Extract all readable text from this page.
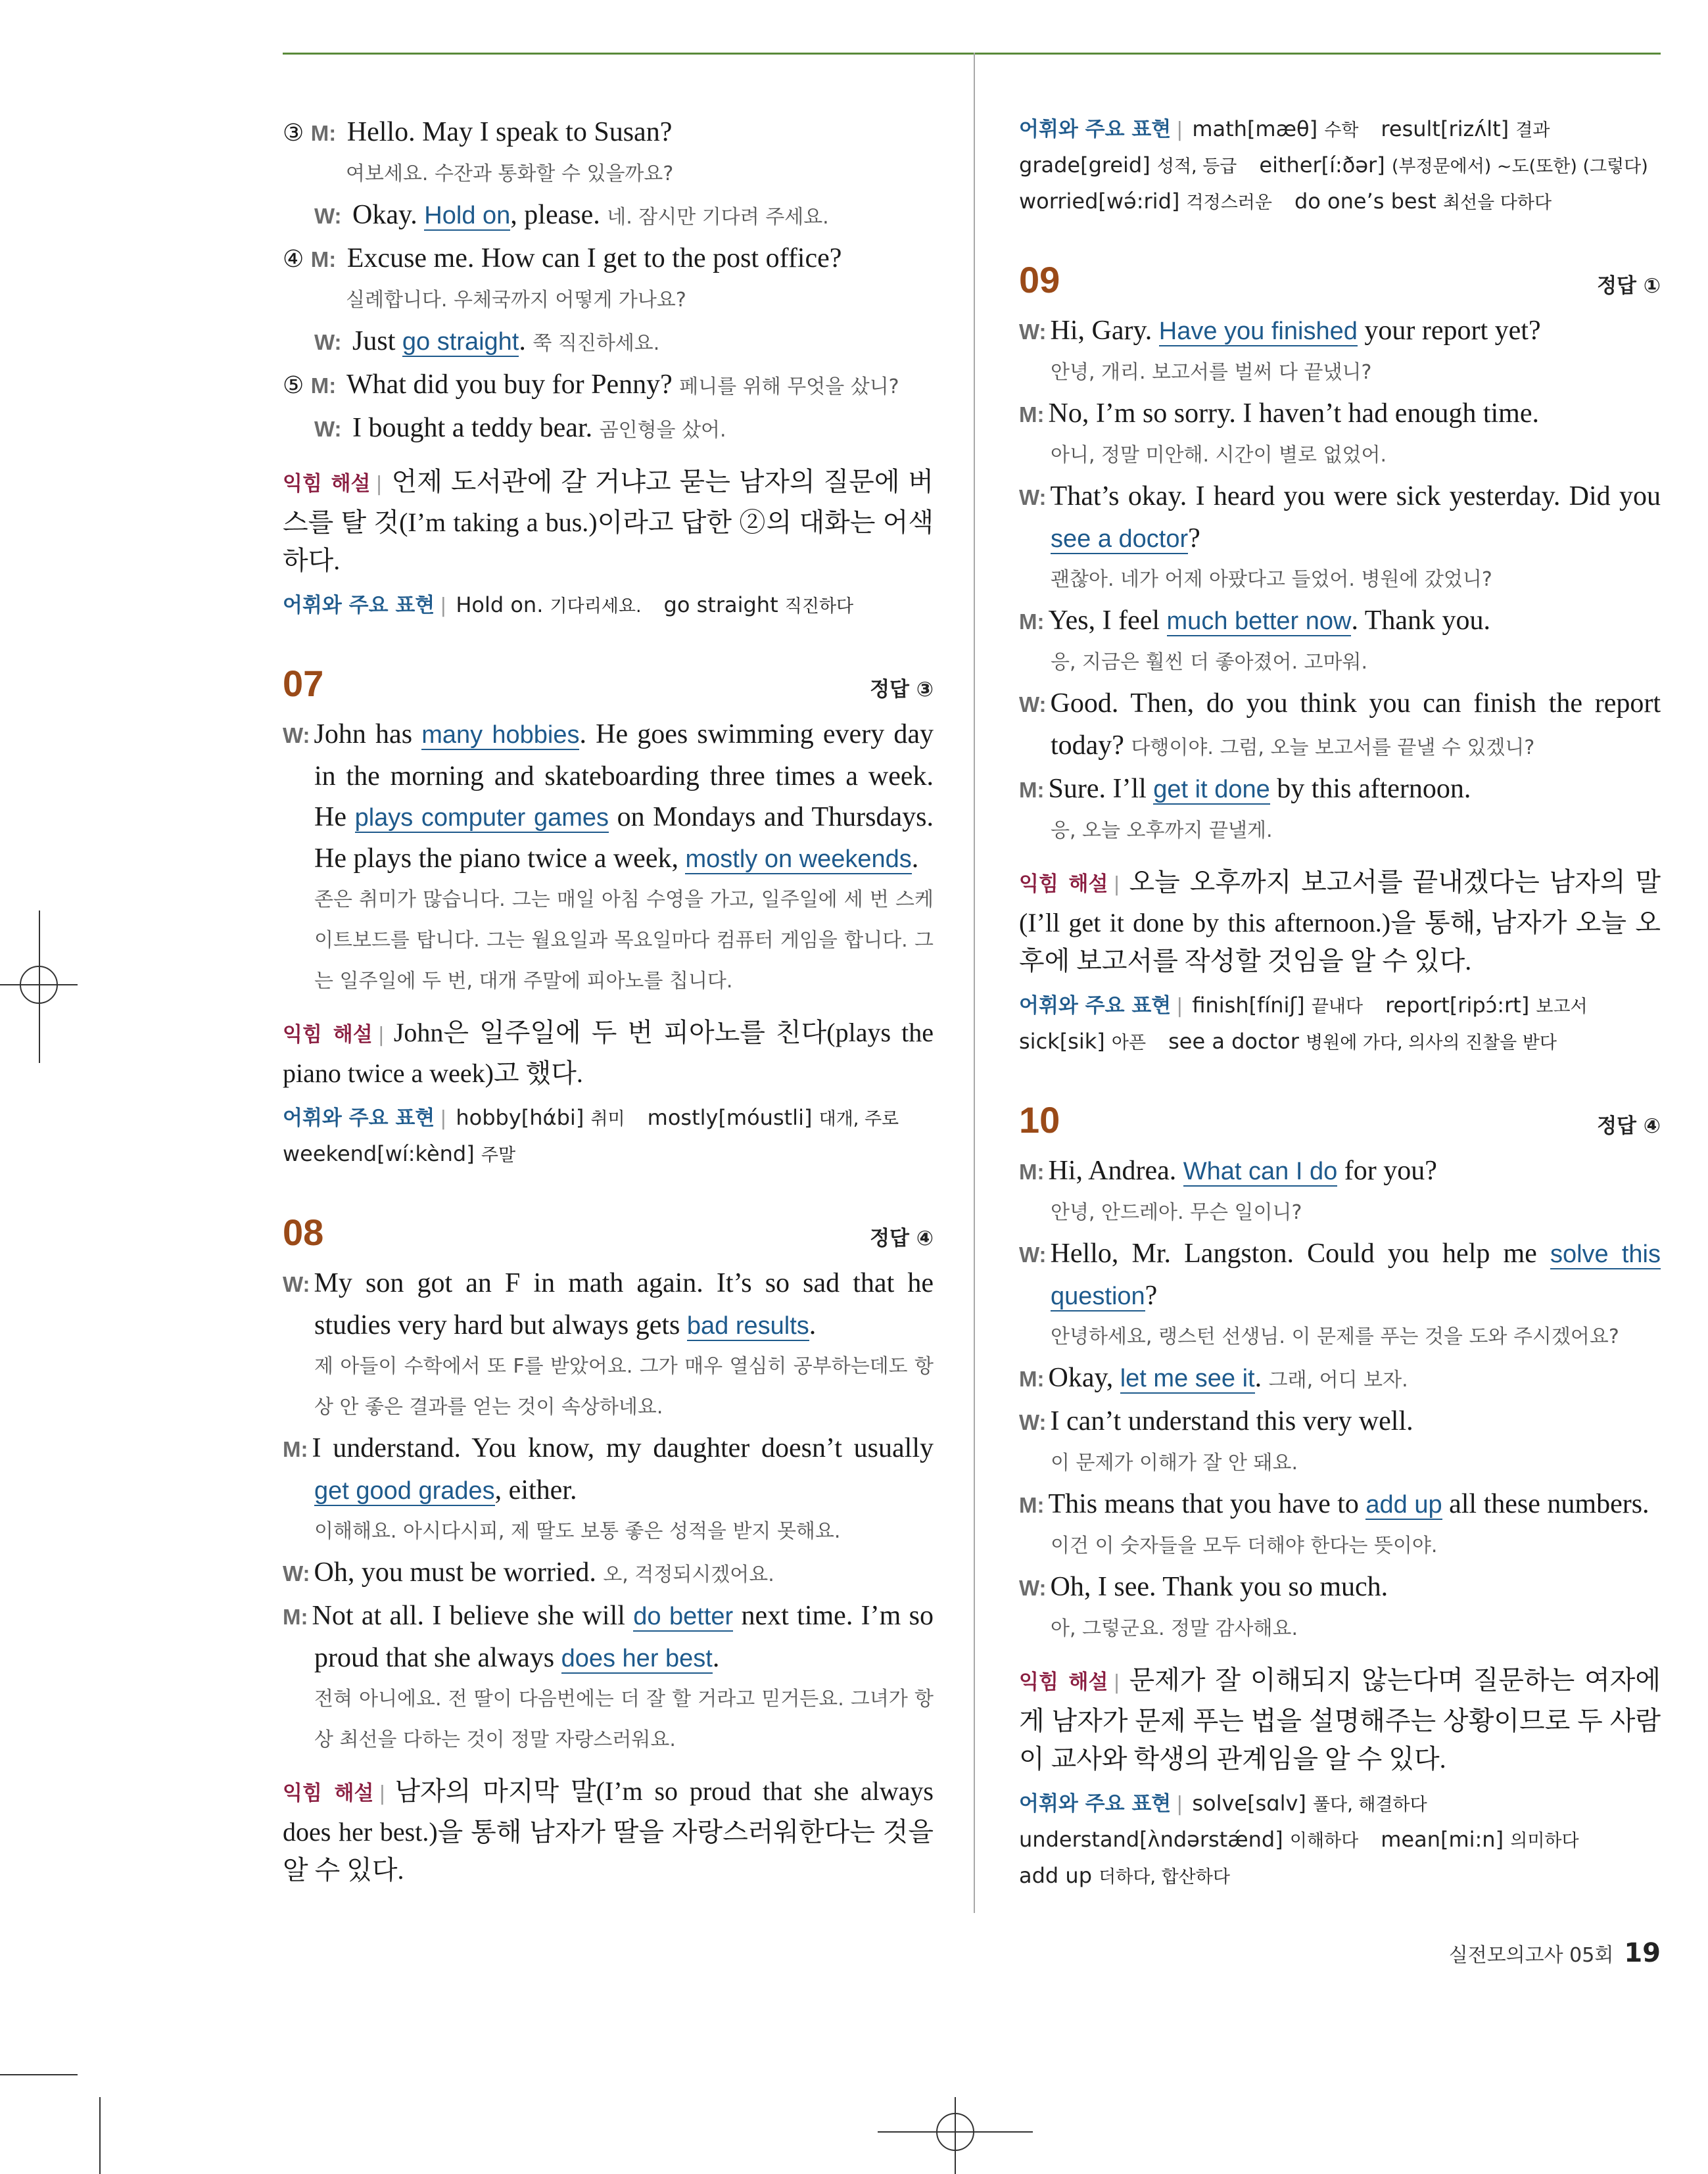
③ M: Hello. May I speak to Susan?
여보세요. 수잔과 통화할 수 있을까요?
W: Okay. Hold on, please. 네. 잠시만 기다려 주세요.
④ M: Excuse me. How can I get to the post office?
실례합니다. 우체국까지 어떻게 가나요?
W: Just go straight. 쭉 직진하세요.
⑤ M: What did you buy for Penny? 페니를 위해 무엇을 샀니?
W: I bought a teddy bear. 곰인형을 샀어.
익힘 해설 | 언제 도서관에 갈 거냐고 묻는 남자의 질문에 버스를 탈 것(I’m taking a bus.)이라고 답한 ②의 대화는 어색하다.
어휘와 주요 표현 | Hold on. 기다리세요. go straight 직진하다
07	정답 ③
W: John has many hobbies. He goes swimming every day in the morning and skateboarding three times a week. He plays computer games on Mondays and Thursdays. He plays the piano twice a week, mostly on weekends.
존은 취미가 많습니다. 그는 매일 아침 수영을 가고, 일주일에 세 번 스케이트보드를 탑니다. 그는 월요일과 목요일마다 컴퓨터 게임을 합니다. 그는 일주일에 두 번, 대개 주말에 피아노를 칩니다.
익힘 해설 | John은 일주일에 두 번 피아노를 친다(plays the piano twice a week)고 했다.
어휘와 주요 표현 | hobby[hάbi] 취미 mostly[móustli] 대개, 주로
weekend[wí:kènd] 주말
08	정답 ④
W: My son got an F in math again. It’s so sad that he studies very hard but always gets bad results.
제 아들이 수학에서 또 F를 받았어요. 그가 매우 열심히 공부하는데도 항상 안 좋은 결과를 얻는 것이 속상하네요.
M: I understand. You know, my daughter doesn’t usually get good grades, either.
이해해요. 아시다시피, 제 딸도 보통 좋은 성적을 받지 못해요.
W: Oh, you must be worried. 오, 걱정되시겠어요.
M: Not at all. I believe she will do better next time. I’m so proud that she always does her best.
전혀 아니에요. 전 딸이 다음번에는 더 잘 할 거라고 믿거든요. 그녀가 항상 최선을 다하는 것이 정말 자랑스러워요.
익힘 해설 | 남자의 마지막 말(I’m so proud that she always does her best.)을 통해 남자가 딸을 자랑스러워한다는 것을 알 수 있다.
어휘와 주요 표현 | math[mæθ] 수학 result[rizʌ́lt] 결과
grade[greid] 성적, 등급 either[í:ðər] (부정문에서) ~도(또한) (그렇다)
worried[wə́:rid] 걱정스러운 do one’s best 최선을 다하다
09	정답 ①
W: Hi, Gary. Have you finished your report yet?
안녕, 개리. 보고서를 벌써 다 끝냈니?
M: No, I’m so sorry. I haven’t had enough time.
아니, 정말 미안해. 시간이 별로 없었어.
W: That’s okay. I heard you were sick yesterday. Did you see a doctor?
괜찮아. 네가 어제 아팠다고 들었어. 병원에 갔었니?
M: Yes, I feel much better now. Thank you.
응, 지금은 훨씬 더 좋아졌어. 고마워.
W: Good. Then, do you think you can finish the report today? 다행이야. 그럼, 오늘 보고서를 끝낼 수 있겠니?
M: Sure. I’ll get it done by this afternoon.
응, 오늘 오후까지 끝낼게.
익힘 해설 | 오늘 오후까지 보고서를 끝내겠다는 남자의 말(I’ll get it done by this afternoon.)을 통해, 남자가 오늘 오후에 보고서를 작성할 것임을 알 수 있다.
어휘와 주요 표현 | finish[fíniʃ] 끝내다 report[ripɔ́:rt] 보고서
sick[sik] 아픈 see a doctor 병원에 가다, 의사의 진찰을 받다
10	정답 ④
M: Hi, Andrea. What can I do for you?
안녕, 안드레아. 무슨 일이니?
W: Hello, Mr. Langston. Could you help me solve this question?
안녕하세요, 랭스턴 선생님. 이 문제를 푸는 것을 도와 주시겠어요?
M: Okay, let me see it. 그래, 어디 보자.
W: I can’t understand this very well.
이 문제가 이해가 잘 안 돼요.
M: This means that you have to add up all these numbers.
이건 이 숫자들을 모두 더해야 한다는 뜻이야.
W: Oh, I see. Thank you so much.
아, 그렇군요. 정말 감사해요.
익힘 해설 | 문제가 잘 이해되지 않는다며 질문하는 여자에게 남자가 문제 푸는 법을 설명해주는 상황이므로 두 사람이 교사와 학생의 관계임을 알 수 있다.
어휘와 주요 표현 | solve[sɑlv] 풀다, 해결하다
understand[ʌ̀ndərstǽnd] 이해하다 mean[mi:n] 의미하다
add up 더하다, 합산하다
실전모의고사 05회 19
